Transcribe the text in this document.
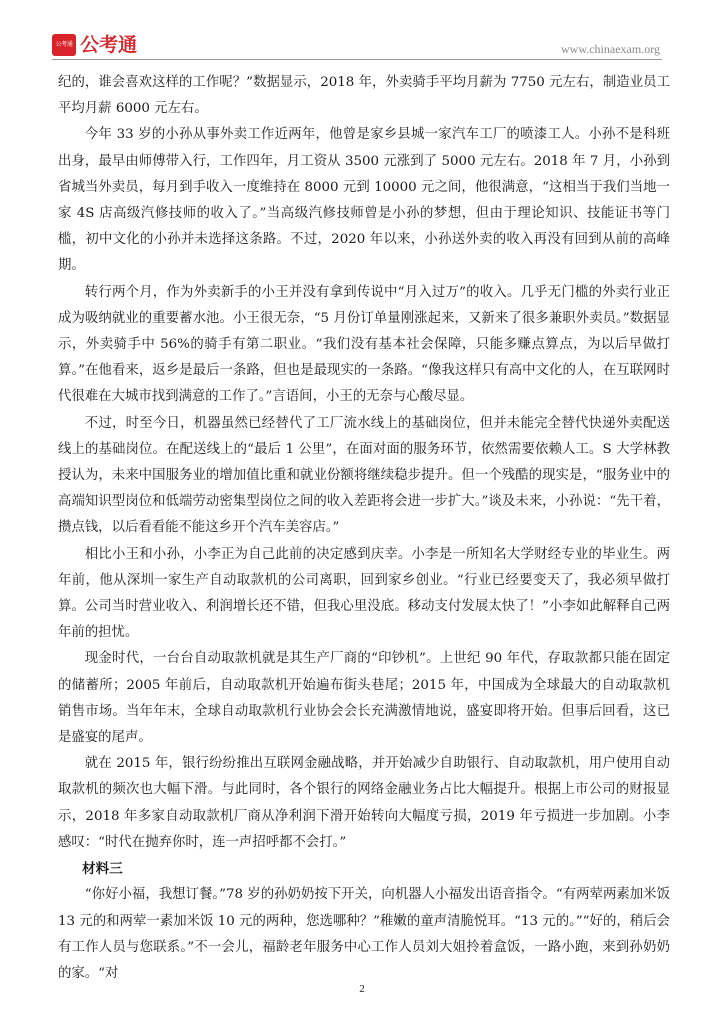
公考通 公考通	www.chinaexam.org

纪的，谁会喜欢这样的工作呢？”数据显示，2018 年，外卖骑手平均月薪为 7750 元左右，制造业员工平均月薪 6000 元左右。

今年 33 岁的小孙从事外卖工作近两年，他曾是家乡县城一家汽车工厂的喷漆工人。小孙不是科班出身，最早由师傅带入行，工作四年，月工资从 3500 元涨到了 5000 元左右。2018 年 7 月，小孙到省城当外卖员，每月到手收入一度维持在 8000 元到 10000 元之间，他很满意，“这相当于我们当地一家 4S 店高级汽修技师的收入了。”当高级汽修技师曾是小孙的梦想，但由于理论知识、技能证书等门槛，初中文化的小孙并未选择这条路。不过，2020 年以来，小孙送外卖的收入再没有回到从前的高峰期。

转行两个月，作为外卖新手的小王并没有拿到传说中“月入过万”的收入。几乎无门槛的外卖行业正成为吸纳就业的重要蓄水池。小王很无奈，“5 月份订单量刚涨起来，又新来了很多兼职外卖员。”数据显示，外卖骑手中 56%的骑手有第二职业。“我们没有基本社会保障，只能多赚点算点，为以后早做打算。”在他看来，返乡是最后一条路，但也是最现实的一条路。“像我这样只有高中文化的人，在互联网时代很难在大城市找到满意的工作了。”言语间，小王的无奈与心酸尽显。

不过，时至今日，机器虽然已经替代了工厂流水线上的基础岗位，但并未能完全替代快递外卖配送线上的基础岗位。在配送线上的“最后 1 公里”，在面对面的服务环节，依然需要依赖人工。S 大学林教授认为，未来中国服务业的增加值比重和就业份额将继续稳步提升。但一个残酷的现实是，“服务业中的高端知识型岗位和低端劳动密集型岗位之间的收入差距将会进一步扩大。”谈及未来，小孙说：“先干着，攒点钱，以后看看能不能这乡开个汽车美容店。”

相比小王和小孙，小李正为自己此前的决定感到庆幸。小李是一所知名大学财经专业的毕业生。两年前，他从深圳一家生产自动取款机的公司离职，回到家乡创业。“行业已经要变天了，我必须早做打算。公司当时营业收入、利润增长还不错，但我心里没底。移动支付发展太快了！”小李如此解释自己两年前的担忧。

现金时代，一台台自动取款机就是其生产厂商的“印钞机”。上世纪 90 年代，存取款都只能在固定的储蓄所；2005 年前后，自动取款机开始遍布街头巷尾；2015 年，中国成为全球最大的自动取款机销售市场。当年年末，全球自动取款机行业协会会长充满激情地说，盛宴即将开始。但事后回看，这已是盛宴的尾声。

就在 2015 年，银行纷纷推出互联网金融战略，并开始减少自助银行、自动取款机，用户使用自动取款机的频次也大幅下滑。与此同时，各个银行的网络金融业务占比大幅提升。根据上市公司的财报显示，2018 年多家自动取款机厂商从净利润下滑开始转向大幅度亏损，2019 年亏损进一步加剧。小李感叹：“时代在抛弃你时，连一声招呼都不会打。”

材料三

“你好小福，我想订餐。”78 岁的孙奶奶按下开关，向机器人小福发出语音指令。“有两荤两素加米饭 13 元的和两荤一素加米饭 10 元的两种，您选哪种？”稚嫩的童声清脆悦耳。“13 元的。”“好的，稍后会有工作人员与您联系。”不一会儿，福龄老年服务中心工作人员刘大姐拎着盒饭，一路小跑，来到孙奶奶的家。“对

2
